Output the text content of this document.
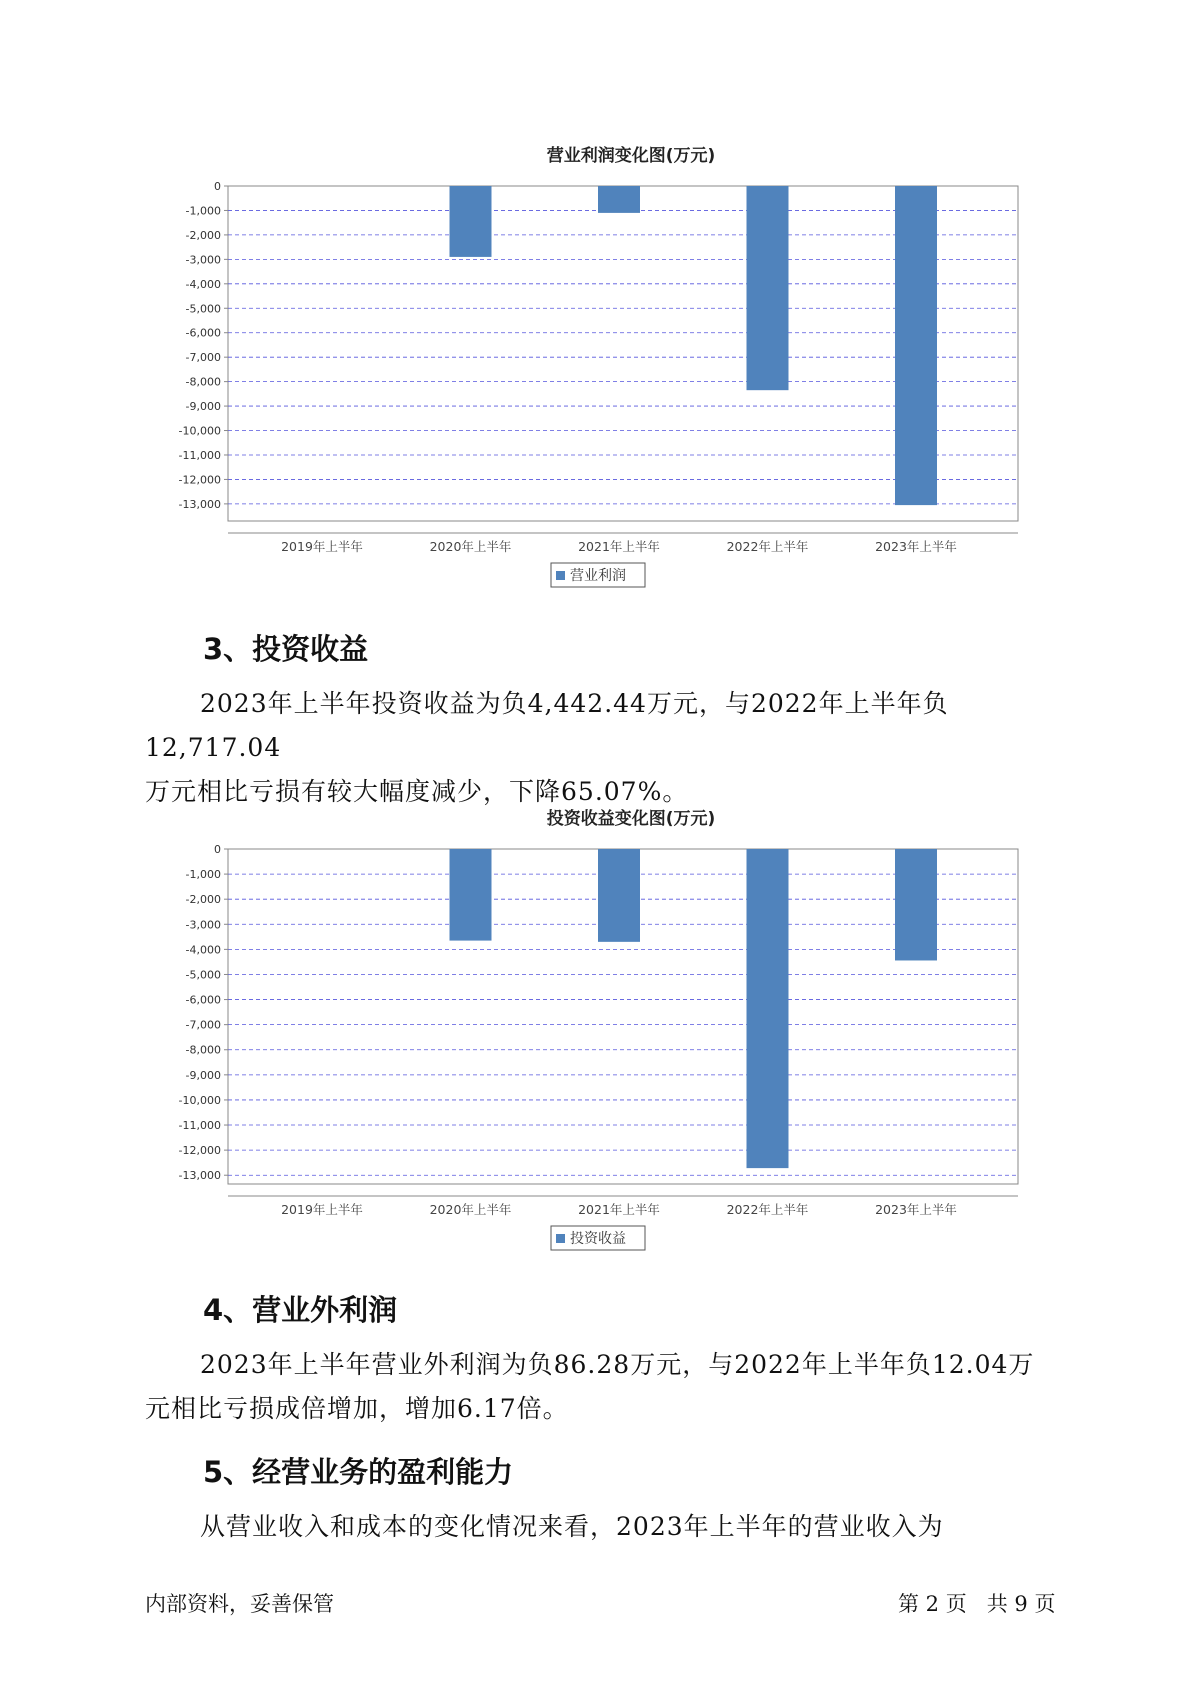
营业利润变化图(万元)
0
-1,000
-2,000
-3,000
-4,000
-5,000
-6,000
-7,000
-8,000
-9,000
-10,000
-11,000
-12,000
-13,000
2019年上半年	2020年上半年	2021年上半年	2022年上半年	2023年上半年
营业利润
3、投资收益

2023年上半年投资收益为负4,442.44万元，与2022年上半年负12,717.04
万元相比亏损有较大幅度减少，下降65.07%。

投资收益变化图(万元)
0
-1,000
-2,000
-3,000
-4,000
-5,000
-6,000
-7,000
-8,000
-9,000
-10,000
-11,000
-12,000
-13,000
2019年上半年	2020年上半年	2021年上半年	2022年上半年	2023年上半年
投资收益
4、营业外利润

2023年上半年营业外利润为负86.28万元，与2022年上半年负12.04万
元相比亏损成倍增加，增加6.17倍。

5、经营业务的盈利能力

从营业收入和成本的变化情况来看，2023年上半年的营业收入为

内部资料，妥善保管	第 2 页   共 9 页
